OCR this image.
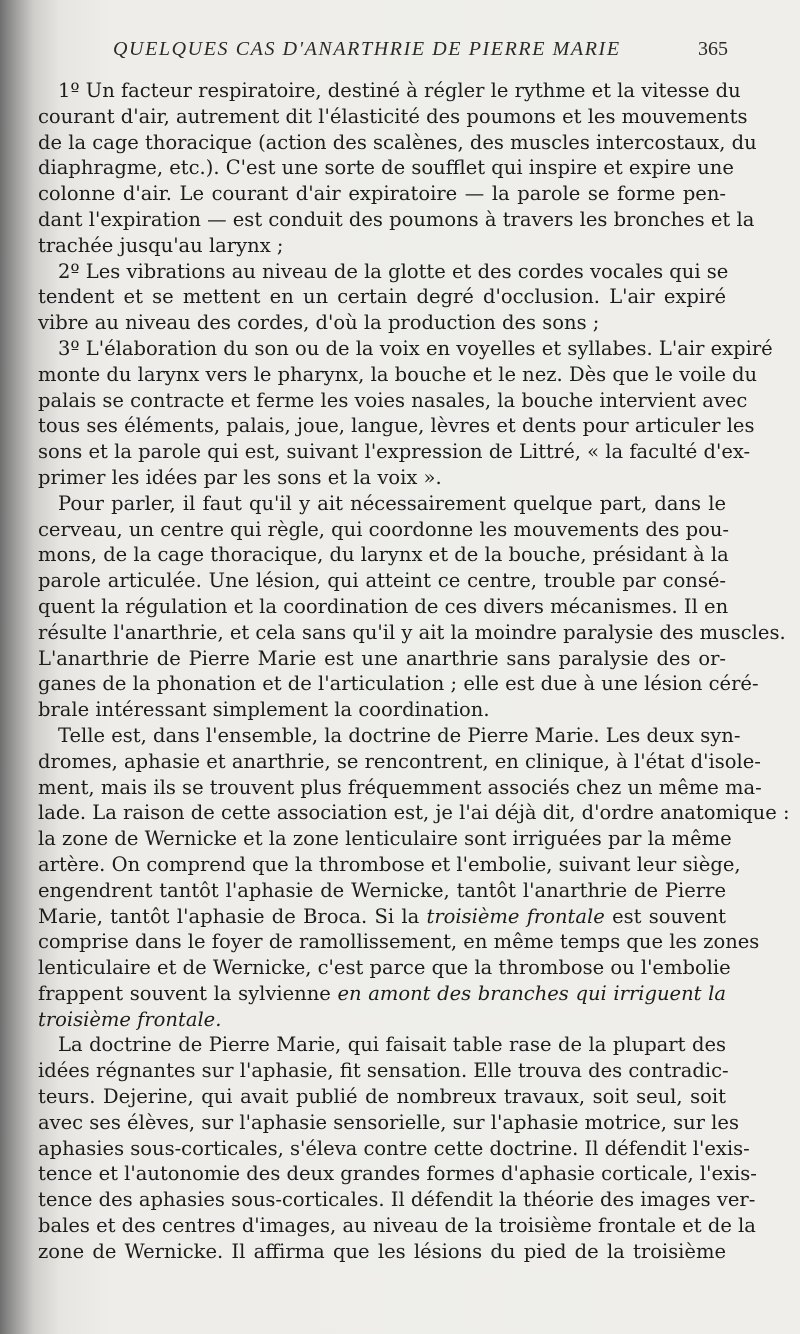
QUELQUES CAS D'ANARTHRIE DE PIERRE MARIE	365
1º Un facteur respiratoire, destiné à régler le rythme et la vitesse du
courant d'air, autrement dit l'élasticité des poumons et les mouvements
de la cage thoracique (action des scalènes, des muscles intercostaux, du
diaphragme, etc.). C'est une sorte de soufflet qui inspire et expire une
colonne d'air. Le courant d'air expiratoire — la parole se forme pen-
dant l'expiration — est conduit des poumons à travers les bronches et la
trachée jusqu'au larynx ;
2º Les vibrations au niveau de la glotte et des cordes vocales qui se
tendent et se mettent en un certain degré d'occlusion. L'air expiré
vibre au niveau des cordes, d'où la production des sons ;
3º L'élaboration du son ou de la voix en voyelles et syllabes. L'air expiré
monte du larynx vers le pharynx, la bouche et le nez. Dès que le voile du
palais se contracte et ferme les voies nasales, la bouche intervient avec
tous ses éléments, palais, joue, langue, lèvres et dents pour articuler les
sons et la parole qui est, suivant l'expression de Littré, « la faculté d'ex-
primer les idées par les sons et la voix ».
Pour parler, il faut qu'il y ait nécessairement quelque part, dans le
cerveau, un centre qui règle, qui coordonne les mouvements des pou-
mons, de la cage thoracique, du larynx et de la bouche, présidant à la
parole articulée. Une lésion, qui atteint ce centre, trouble par consé-
quent la régulation et la coordination de ces divers mécanismes. Il en
résulte l'anarthrie, et cela sans qu'il y ait la moindre paralysie des muscles.
L'anarthrie de Pierre Marie est une anarthrie sans paralysie des or-
ganes de la phonation et de l'articulation ; elle est due à une lésion céré-
brale intéressant simplement la coordination.
Telle est, dans l'ensemble, la doctrine de Pierre Marie. Les deux syn-
dromes, aphasie et anarthrie, se rencontrent, en clinique, à l'état d'isole-
ment, mais ils se trouvent plus fréquemment associés chez un même ma-
lade. La raison de cette association est, je l'ai déjà dit, d'ordre anatomique :
la zone de Wernicke et la zone lenticulaire sont irriguées par la même
artère. On comprend que la thrombose et l'embolie, suivant leur siège,
engendrent tantôt l'aphasie de Wernicke, tantôt l'anarthrie de Pierre
Marie, tantôt l'aphasie de Broca. Si la troisième frontale est souvent
comprise dans le foyer de ramollissement, en même temps que les zones
lenticulaire et de Wernicke, c'est parce que la thrombose ou l'embolie
frappent souvent la sylvienne en amont des branches qui irriguent la
troisième frontale.
La doctrine de Pierre Marie, qui faisait table rase de la plupart des
idées régnantes sur l'aphasie, fit sensation. Elle trouva des contradic-
teurs. Dejerine, qui avait publié de nombreux travaux, soit seul, soit
avec ses élèves, sur l'aphasie sensorielle, sur l'aphasie motrice, sur les
aphasies sous-corticales, s'éleva contre cette doctrine. Il défendit l'exis-
tence et l'autonomie des deux grandes formes d'aphasie corticale, l'exis-
tence des aphasies sous-corticales. Il défendit la théorie des images ver-
bales et des centres d'images, au niveau de la troisième frontale et de la
zone de Wernicke. Il affirma que les lésions du pied de la troisième
